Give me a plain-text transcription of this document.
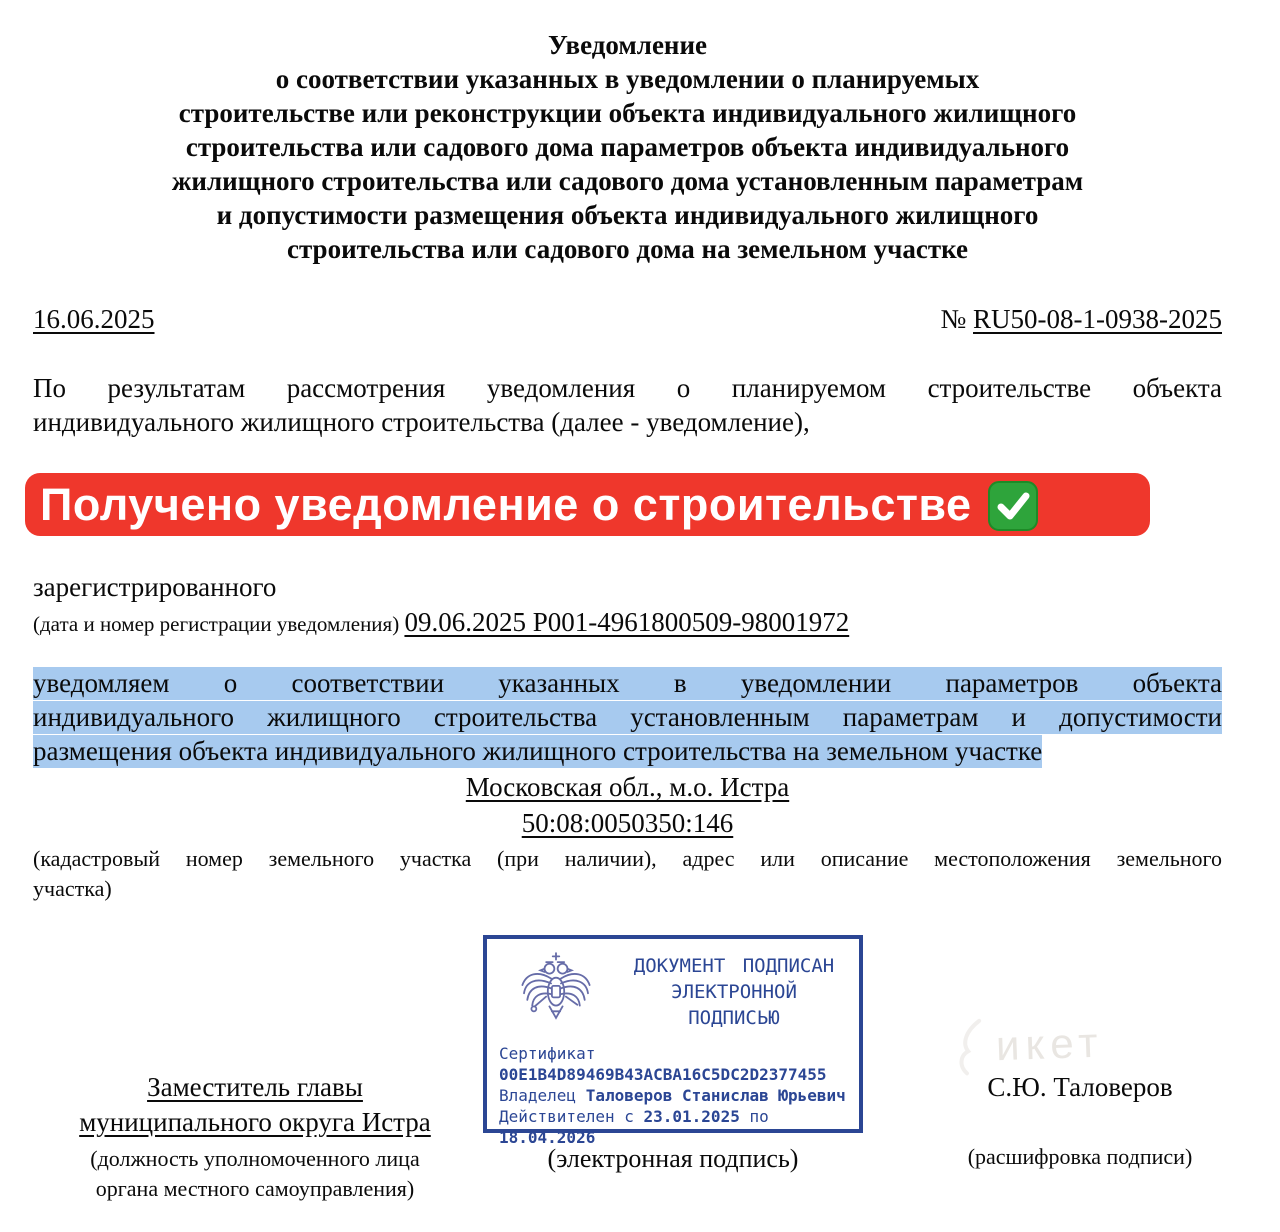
Уведомление
о соответствии указанных в уведомлении о планируемых
строительстве или реконструкции объекта индивидуального жилищного
строительства или садового дома параметров объекта индивидуального
жилищного строительства или садового дома установленным параметрам
и допустимости размещения объекта индивидуального жилищного
строительства или садового дома на земельном участке
16.06.2025	№ RU50-08-1-0938-2025
По результатам рассмотрения уведомления о планируемом строительстве объекта
индивидуального жилищного строительства (далее - уведомление),
Получено уведомление о строительстве
зарегистрированного
(дата и номер регистрации уведомления) 09.06.2025 Р001-4961800509-98001972
уведомляем о соответствии указанных в уведомлении параметров объекта
индивидуального жилищного строительства установленным параметрам и допустимости
размещения объекта индивидуального жилищного строительства на земельном участке
Московская обл., м.о. Истра
50:08:0050350:146
(кадастровый номер земельного участка (при наличии), адрес или описание местоположения земельного
участка)
икет
ДОКУМЕНТ ПОДПИСАН
ЭЛЕКТРОННОЙ
ПОДПИСЬЮ
Сертификат
00E1B4D89469B43ACBA16C5DC2D2377455
Владелец Таловеров Станислав Юрьевич
Действителен с 23.01.2025 по
18.04.2026
Заместитель главы
муниципального округа Истра
(должность уполномоченного лица
органа местного самоуправления)
(электронная подпись)
С.Ю. Таловеров
(расшифровка подписи)
